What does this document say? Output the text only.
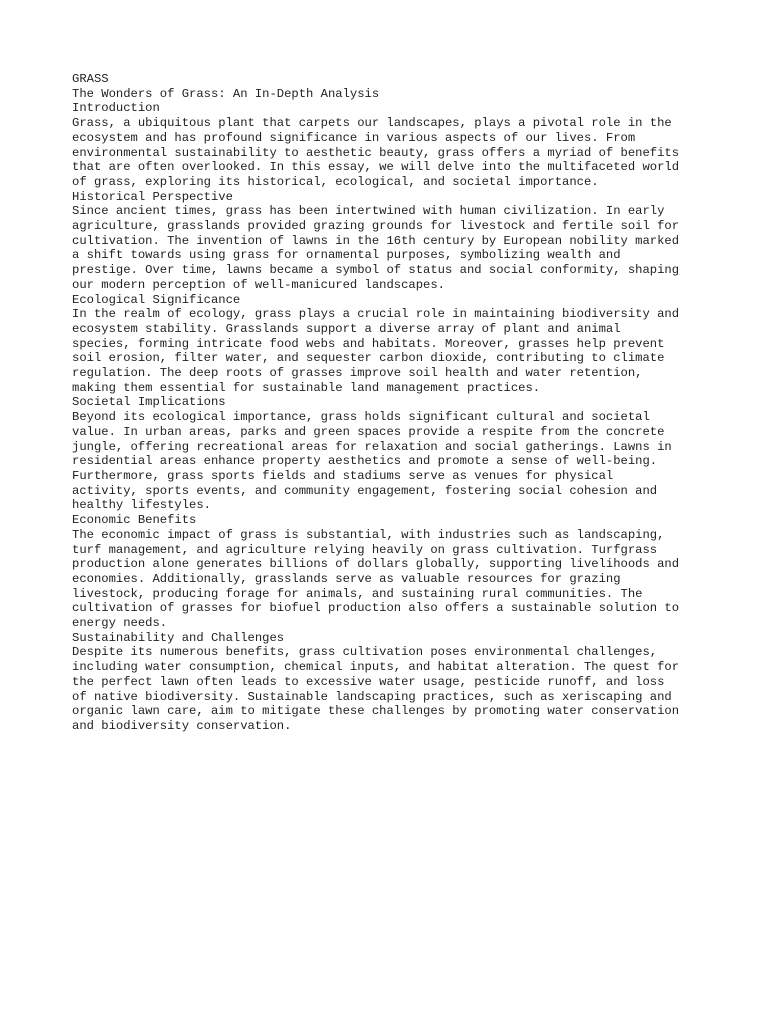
GRASS
The Wonders of Grass: An In-Depth Analysis
Introduction
Grass, a ubiquitous plant that carpets our landscapes, plays a pivotal role in the
ecosystem and has profound significance in various aspects of our lives. From
environmental sustainability to aesthetic beauty, grass offers a myriad of benefits
that are often overlooked. In this essay, we will delve into the multifaceted world
of grass, exploring its historical, ecological, and societal importance.
Historical Perspective
Since ancient times, grass has been intertwined with human civilization. In early
agriculture, grasslands provided grazing grounds for livestock and fertile soil for
cultivation. The invention of lawns in the 16th century by European nobility marked
a shift towards using grass for ornamental purposes, symbolizing wealth and
prestige. Over time, lawns became a symbol of status and social conformity, shaping
our modern perception of well-manicured landscapes.
Ecological Significance
In the realm of ecology, grass plays a crucial role in maintaining biodiversity and
ecosystem stability. Grasslands support a diverse array of plant and animal
species, forming intricate food webs and habitats. Moreover, grasses help prevent
soil erosion, filter water, and sequester carbon dioxide, contributing to climate
regulation. The deep roots of grasses improve soil health and water retention,
making them essential for sustainable land management practices.
Societal Implications
Beyond its ecological importance, grass holds significant cultural and societal
value. In urban areas, parks and green spaces provide a respite from the concrete
jungle, offering recreational areas for relaxation and social gatherings. Lawns in
residential areas enhance property aesthetics and promote a sense of well-being.
Furthermore, grass sports fields and stadiums serve as venues for physical
activity, sports events, and community engagement, fostering social cohesion and
healthy lifestyles.
Economic Benefits
The economic impact of grass is substantial, with industries such as landscaping,
turf management, and agriculture relying heavily on grass cultivation. Turfgrass
production alone generates billions of dollars globally, supporting livelihoods and
economies. Additionally, grasslands serve as valuable resources for grazing
livestock, producing forage for animals, and sustaining rural communities. The
cultivation of grasses for biofuel production also offers a sustainable solution to
energy needs.
Sustainability and Challenges
Despite its numerous benefits, grass cultivation poses environmental challenges,
including water consumption, chemical inputs, and habitat alteration. The quest for
the perfect lawn often leads to excessive water usage, pesticide runoff, and loss
of native biodiversity. Sustainable landscaping practices, such as xeriscaping and
organic lawn care, aim to mitigate these challenges by promoting water conservation
and biodiversity conservation.
